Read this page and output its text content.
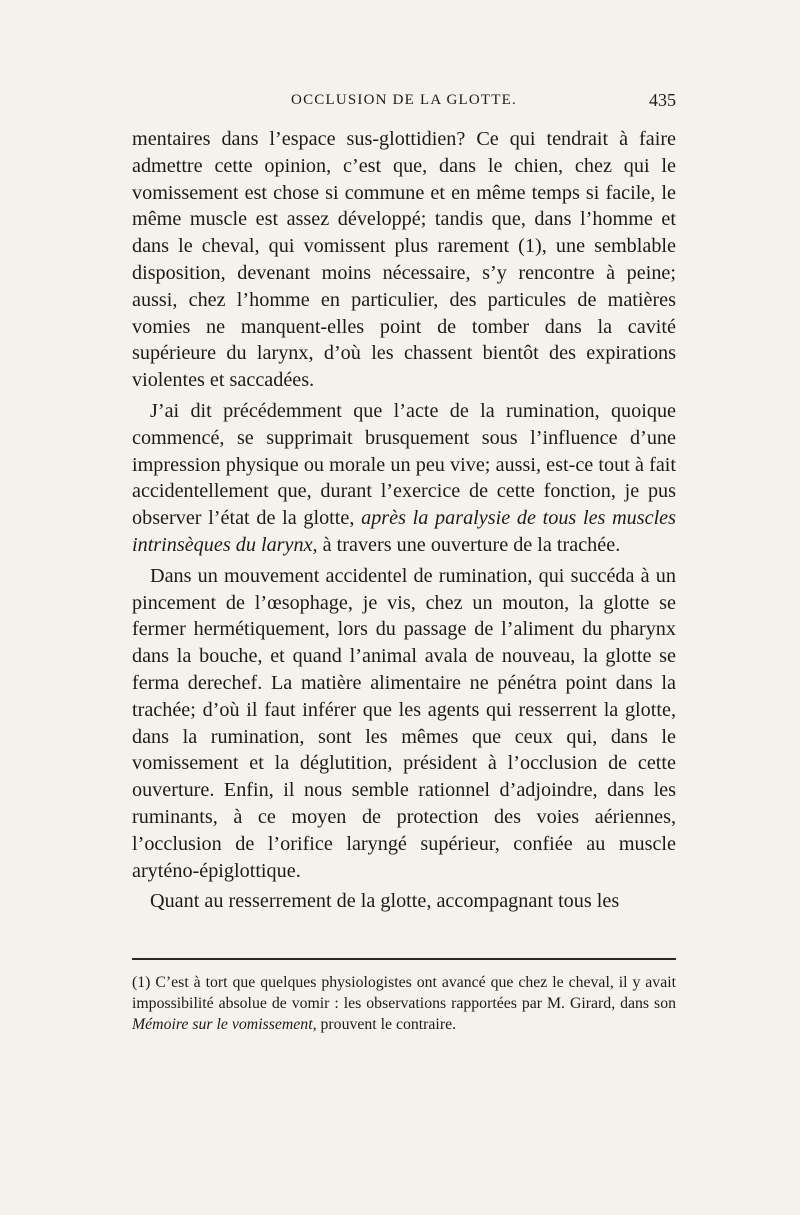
OCCLUSION DE LA GLOTTE.	435

mentaires dans l’espace sus-glottidien? Ce qui tendrait à faire admettre cette opinion, c’est que, dans le chien, chez qui le vomissement est chose si commune et en même temps si facile, le même muscle est assez développé; tandis que, dans l’homme et dans le cheval, qui vomissent plus rarement (1), une semblable disposition, devenant moins nécessaire, s’y rencontre à peine; aussi, chez l’homme en particulier, des particules de matières vomies ne manquent-elles point de tomber dans la cavité supérieure du larynx, d’où les chassent bientôt des expirations violentes et saccadées.

J’ai dit précédemment que l’acte de la rumination, quoique commencé, se supprimait brusquement sous l’influence d’une impression physique ou morale un peu vive; aussi, est-ce tout à fait accidentellement que, durant l’exercice de cette fonction, je pus observer l’état de la glotte, après la paralysie de tous les muscles intrinsèques du larynx, à travers une ouverture de la trachée.

Dans un mouvement accidentel de rumination, qui succéda à un pincement de l’œsophage, je vis, chez un mouton, la glotte se fermer hermétiquement, lors du passage de l’aliment du pharynx dans la bouche, et quand l’animal avala de nouveau, la glotte se ferma derechef. La matière alimentaire ne pénétra point dans la trachée; d’où il faut inférer que les agents qui resserrent la glotte, dans la rumination, sont les mêmes que ceux qui, dans le vomissement et la déglutition, président à l’occlusion de cette ouverture. Enfin, il nous semble rationnel d’adjoindre, dans les ruminants, à ce moyen de protection des voies aériennes, l’occlusion de l’orifice laryngé supérieur, confiée au muscle aryténo-épiglottique.

Quant au resserrement de la glotte, accompagnant tous les

(1) C’est à tort que quelques physiologistes ont avancé que chez le cheval, il y avait impossibilité absolue de vomir : les observations rapportées par M. Girard, dans son Mémoire sur le vomissement, prouvent le contraire.
